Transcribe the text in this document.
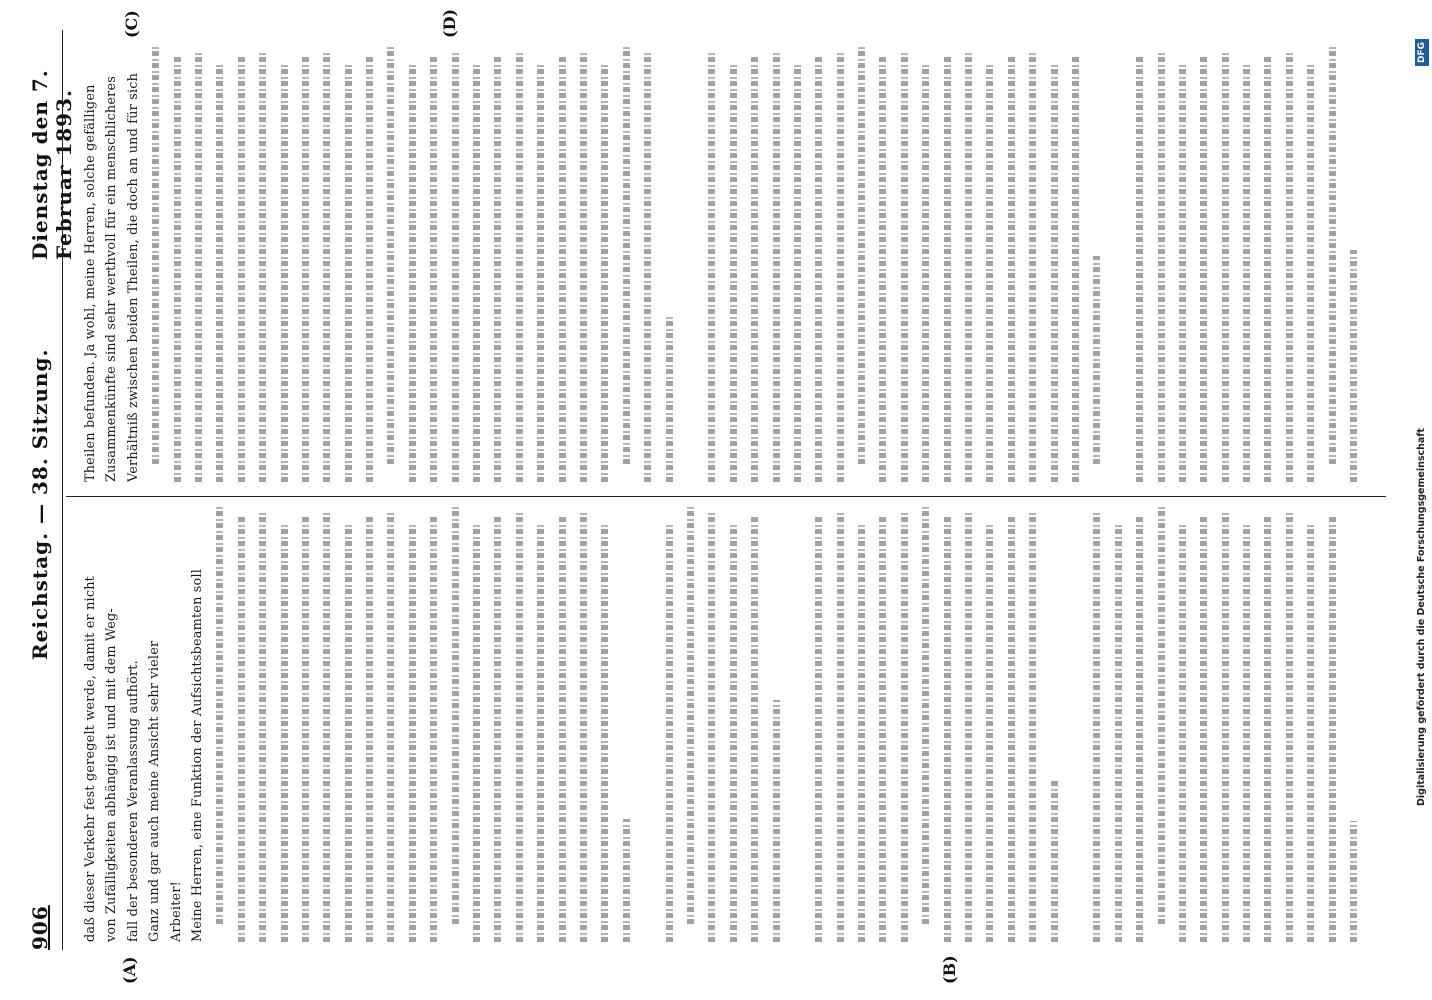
906
Reichstag. — 38. Sitzung.
Dienstag den 7. Februar 1893.
(A)	(B)
(C)	(D)
daß dieser Verkehr fest geregelt werde, damit er nicht von Zufälligkeiten abhängig ist und mit dem Weg- fall der besonderen Veranlassung aufhört. Ganz und gar auch meine Ansicht sehr vieler Arbeiter! Meine Herren, eine Funktion der Aufsichtsbeamten soll
Theilen befunden. Ja wohl, meine Herren, solche gefälligen Zusammenkünfte sind sehr werthvoll für ein menschlicheres Verhältniß zwischen beiden Theilen, die doch an und für sich
Digitalisierung gefördert durch die Deutsche Forschungsgemeinschaft
DFG
